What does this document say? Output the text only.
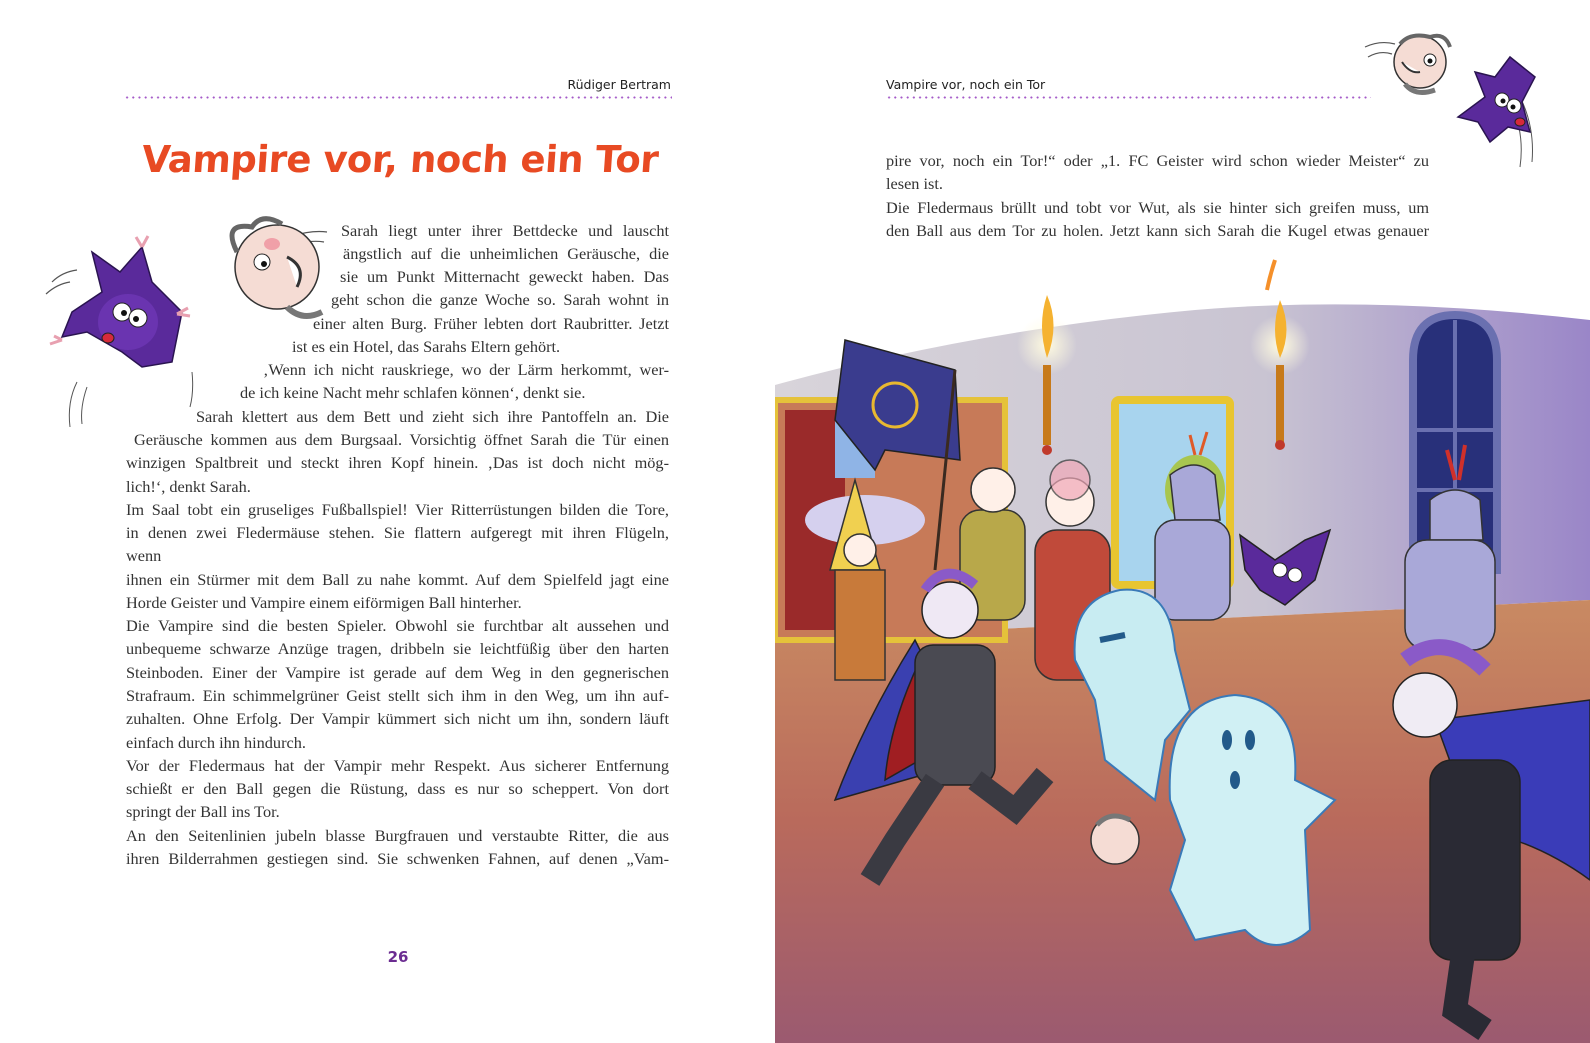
Rüdiger Bertram
Vampire vor, noch ein Tor
Sarah liegt unter ihrer Bettdecke und lauscht
ängstlich auf die unheimlichen Geräusche, die
sie um Punkt Mitternacht geweckt haben. Das
geht schon die ganze Woche so. Sarah wohnt in
einer alten Burg. Früher lebten dort Raubritter. Jetzt
ist es ein Hotel, das Sarahs Eltern gehört.
‚Wenn ich nicht rauskriege, wo der Lärm herkommt, wer-
de ich keine Nacht mehr schlafen können‘, denkt sie.
Sarah klettert aus dem Bett und zieht sich ihre Pantoffeln an. Die
Geräusche kommen aus dem Burgsaal. Vorsichtig öffnet Sarah die Tür einen
winzigen Spaltbreit und steckt ihren Kopf hinein. ‚Das ist doch nicht mög-
lich!‘, denkt Sarah.
Im Saal tobt ein gruseliges Fußballspiel! Vier Ritterrüstungen bilden die Tore,
in denen zwei Fledermäuse stehen. Sie flattern aufgeregt mit ihren Flügeln,
wenn
ihnen ein Stürmer mit dem Ball zu nahe kommt. Auf dem Spielfeld jagt eine
Horde Geister und Vampire einem eiförmigen Ball hinterher.
Die Vampire sind die besten Spieler. Obwohl sie furchtbar alt aussehen und
unbequeme schwarze Anzüge tragen, dribbeln sie leichtfüßig über den harten
Steinboden. Einer der Vampire ist gerade auf dem Weg in den gegnerischen
Strafraum. Ein schimmelgrüner Geist stellt sich ihm in den Weg, um ihn auf-
zuhalten. Ohne Erfolg. Der Vampir kümmert sich nicht um ihn, sondern läuft
einfach durch ihn hindurch.
Vor der Fledermaus hat der Vampir mehr Respekt. Aus sicherer Entfernung
schießt er den Ball gegen die Rüstung, dass es nur so scheppert. Von dort
springt der Ball ins Tor.
An den Seitenlinien jubeln blasse Burgfrauen und verstaubte Ritter, die aus
ihren Bilderrahmen gestiegen sind. Sie schwenken Fahnen, auf denen „Vam-
26
Vampire vor, noch ein Tor
pire vor, noch ein Tor!“ oder „1. FC Geister wird schon wieder Meister“ zu
lesen ist.
Die Fledermaus brüllt und tobt vor Wut, als sie hinter sich greifen muss, um
den Ball aus dem Tor zu holen. Jetzt kann sich Sarah die Kugel etwas genauer
